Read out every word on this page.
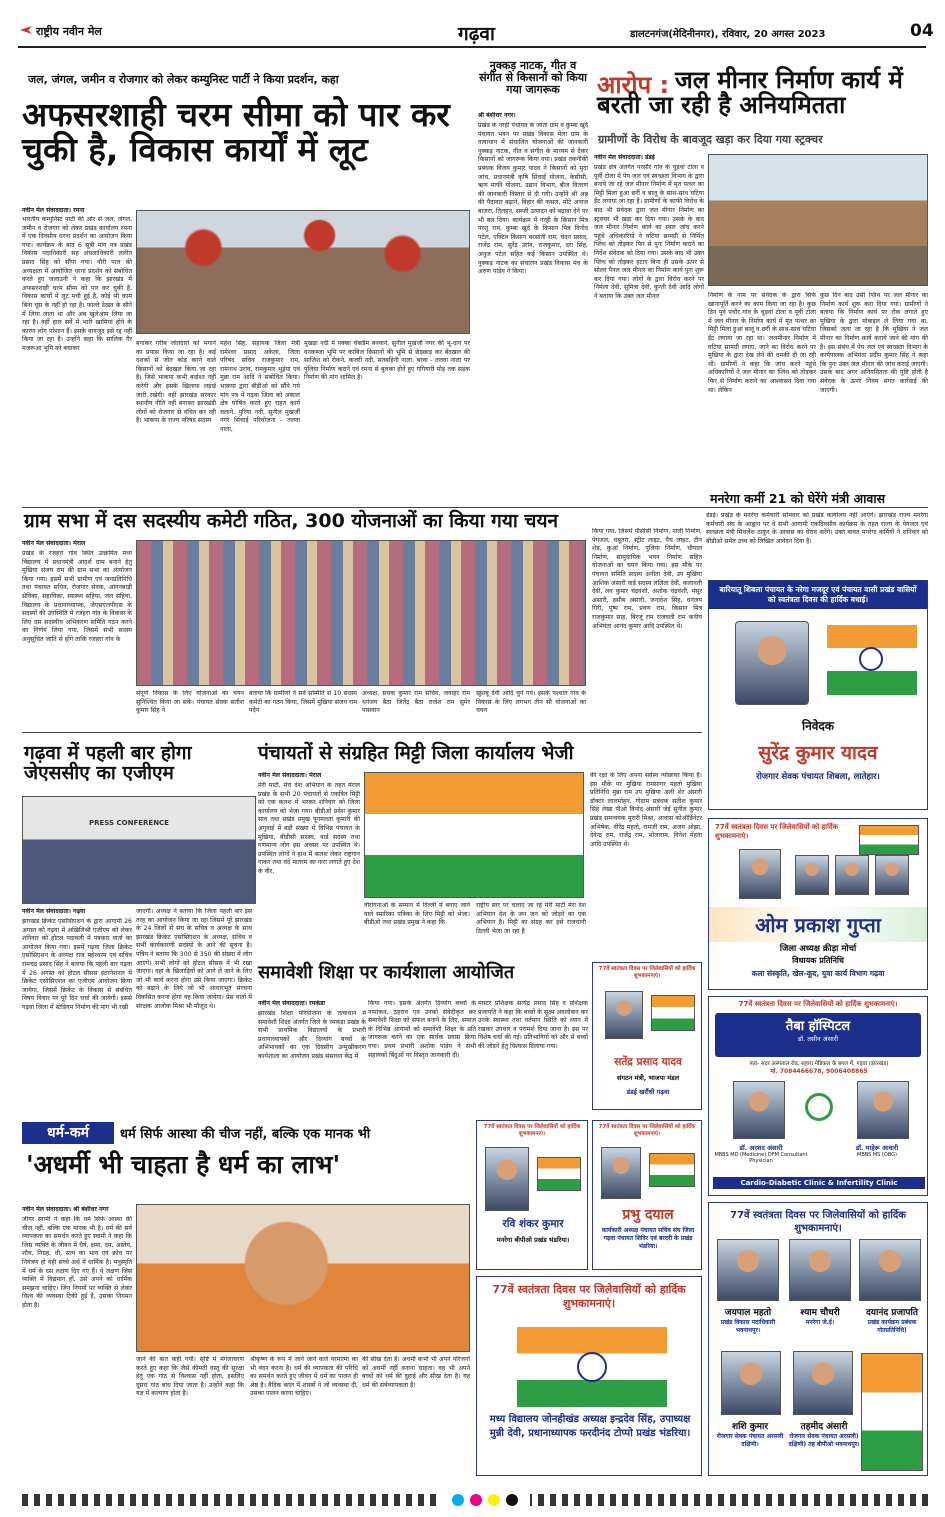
राष्ट्रीय नवीन मेल	गढ़वा	डालटनगंज(मेदिनीनगर), रविवार, 20 अगस्त 2023	04
जल, जंगल, जमीन व रोजगार को लेकर कम्युनिस्ट पार्टी ने किया प्रदर्शन, कहा
अफसरशाही चरम सीमा को पार कर चुकी है, विकास कार्यों में लूट
नवीन मेल संवाददाता। रमना
भारतीय कम्युनिस्ट पार्टी की ओर से जल, जंगल, जमीन व रोजगार को लेकर प्रखंड कार्यालय रमना में एक दिवसीय धरना प्रदर्शन का आयोजन किया गया। कार्यक्रम के बाद 6 सूत्री मांग पत्र प्रखंड विकास पदाधिकारी सह अंचलाधिकारी ललीत प्रसाद सिंह को सौंपा गया। नौरी पाल की अध्यक्षता में आयोजित धरना प्रदर्शन को संबोधित करते हुए जलाउनी ने कहा कि झारखंड में अफसरशाही चरम सीमा को पार कर चुकी है, विकास कार्यों में लूट मची हुई है, कोई भी काम बिना घूस के नहीं हो रहा है। फाल्ते देखत के सीने में लिया जाता था और अब खुलेआम लिया जा रहा है। वहीं हाल सर्वे में भारी खामियां होने के कारण लोग परेशान हैं। इसके बावजूद इसे रद्द नहीं किया जा रहा है। उन्होंने कहा कि सालिक गैर मजरूआ भूमि को बचाकर
बनाकर गरीब जोतदारों को भगाने का प्रयास किया जा रहा है। कई दशकों से जोत कोड़ करने वाले किसानों को बेदखल किया जा रहा है। जिसे भाकपा कभी बर्दाश्त नहीं करेगी और इसके खिलाफ लड़ाई जारी रखेगी। वहीं झारखंड सरकार स्थानीय नीति नहीं बनाकर झारखंडी लोगों को रोजगार से वंचित कर रही है। भाकपा के राज्य परिषद सदस्य
महेश सिंह, सहायक जिला मंत्री रामेश्वर प्रसाद अकेला, जिला परिषद सचिव राजकुमार राम, रामनाथ उरांव, रामकुमार भुइंयां एवं मुन्ना राम आदि ने संबोधित किया। भाकपा द्वारा बीडीओ को सौंपे गये मांग पत्र में गढ़वा जिला को अकाल क्षेत्र घोषित करते हुए राहत कार्य चलाने, पुरिया नदी, सुनील मुखर्जी नगर सिंचाई परियोजना - तलवा नाला,
मुखड़ा नदी में पक्का चेकडैम बनवाने, सुनील मुखर्जी नगर की भू-दान पर वनकब्जा भूमि पर काबिज किसानों की भूमि से छेड़छाड़ कर बेदखल की साजिश को रोकने, कजरी नदी, सतबहिनी नाला, बरवा - तलवा नाला पर पुलिया निर्माण कराने एवं रमना से बुलका होते हुए गगियारी मोड़ तक सड़क निर्माण की मांग शामिल है।
नुक्कड़ नाटक, गीत व संगीत से किसानों को किया गया जागरूक
श्री बंशीधर नगर।
प्रखंड के नरही पंचायत के जाता ग्राम व कुम्बा खुर्द पंचायत भवन पर प्रखंड विकास मेला ग्राम के तत्वाधान में संचालित योजनाओं की जानकारी नुक्कड़ नाटक, गीत व संगीत के माध्यम से देकर किसानों को जागरूक किया गया। प्रखंड तकनीकी प्रबंधक विजय कुमार यादव ने किसानों को मृदा जांच, प्रधानमंत्री कृषि सिंचाई योजना, केसीसी, ऋण माफी योजना, उद्यान विभाग, बीज वितरण की जानकारी विस्तार से दी गयी। उन्होंने श्री अन्न की पैदावार बढ़ाने, बिहार की फसल, मोटे अनाज बाजरा, तिलहन, सब्जी उत्पादन को बढ़ावा देने पर भी बल दिया। कार्यक्रम में नरही के किसान मित्र परशु राम, कुम्बा खुर्द के किसान मित्र विनोद पटेल, एक्टिव किसान बरसाती राम, चंदन प्रसाद, राजेंद्र राम, सुरेंद्र उरांव, राजकुमार, दरा सिंह, अनुज पटेल सहित कई किसान उपस्थित थे। नुक्कड़ नाटक का संचालन प्रखंड विकास मंच के अरुण पांडेय ने किया।
आरोप : जल मीनार निर्माण कार्य में बरती जा रही है अनियमितता
ग्रामीणों के विरोध के बावजूद खड़ा कर दिया गया स्ट्रक्चर
नवीन मेल संवाददाता। डंडई
प्रखंड क्षेत्र अंतर्गत परसौर गांव के चुड़वां टोला व पूर्वी टोला में पेय जल एवं स्वच्छता विभाग के द्वारा बनाये जा रहे जल मीनार निर्माण में मृत पत्थर का मिट्टी मिला हुआ छर्री व बालू के साथ-साथ घटिया ईंट लगाया जा रहा है। ग्रामीणों के काफी विरोध के बाद भी संवेदक द्वारा जल मीनार निर्माण का स्ट्रक्चर भी खड़ा कर दिया गया। उसके के बाद जल मीनार निर्माण कार्य का स्थल जांच करने पहुंचे अधिकारियों ने घटिया सामग्री से निर्मित प्लिंथ को तोड़कर फिर से पुनः निर्माण कराने का निर्देश संवेदक को दिया गया। उसके बाद भी उक्त प्लिंथ को तोड़कर हटाए बिना ही उसके ऊपर से सोलर पैनल जल मीनार का निर्माण कार्य पुनः शुरू कर दिया गया। लोगों के द्वारा विरोध करने पर निर्मला देवी, सुमित्रा देवी, कुन्ती देवी आदि लोगों ने बताया कि उक्त जल मीनार	निर्माण के नाम पर संवेदक के द्वारा सिर्फ खानापूर्ति करने का काम किया जा रहा है। कुछ दिन पूर्व पचौर गांव के चुड़वां टोला व पूर्वी टोला में जल मीनार के निर्माण कार्य में मृत पत्थर का मिट्टी मिला हुआ बालू व छर्री के साथ-साथ घटिया ईंट लगाया जा रहा था। जलमीनार निर्माण में घटिया सामग्री लगाए, जाने का विरोध करने पर मुखिया के द्वारा देख लेने की धमकी दी जा रही थी। ग्रामीणों ने कहा कि जांच करने पहुंचे अधिकारियों ने जल मीनार का प्लिंथ को तोड़कर फिर से निर्माण कराने का आश्वासन दिया गया था। लेकिन
कुछ दिन बाद उसी प्लिंथ पर जल मीनार का निर्माण कार्य शुरू करा दिया गया। ग्रामीणों ने बताया कि निर्माण कार्य पर रोक लगाते हुए मुखिया के द्वारा मोबाइल ले लिया गया था, जिसको जला जा रहा है कि मुखिया ने जल मीनार का निर्माण कार्य कराये जाने की मांग की है। इस संबंध में पेय जल एवं स्वच्छता विभाग के कार्यपालक अभियंता प्रदीप कुमार सिंह ने कहा कि पुनः उक्त जल मीनार की जांच कराई जाएगी। उसके बाद अगर अनियमितता की पुष्टि होती है संवेदक के ऊपर नियम संगत कार्रवाई की जाएगी।
ग्राम सभा में दस सदस्यीय कमेटी गठित, 300 योजनाओं का किया गया चयन
नवीन मेल संवाददाता। मेराल
प्रखंड के रजहरा गांव स्थित उत्क्रमित मध्य विद्यालय में प्रधानमंत्री आदर्श ग्राम बनाने हेतु मुखिया संजय राम की ग्राम सभा का आयोजन किया गया। इसमें सभी ग्रामीण एवं जनप्रतिनिधि तथा पंचायत सचिव, रोजगार सेवक, आंगनबाड़ी सेविका, सहायिका, स्वास्थ्य सहिया, जल सहिया, विद्यालय के प्रधानाध्यापक, जेएसएलपीएस के सदस्यों की उपस्थिति में रजहरा गांव के विकास के लिए दस सदस्यीय अभिकरण समिति गठन करने का निर्णय लिया गया, जिसमें सभी सदस्य अनुसूचित जाति से होंगे ताकि रजहरा गांव के
संपूर्ण विकास के लिए योजनाओं का चयन सुनिश्चित किया जा सके। पंचायत सेवक सतीश कुमार सिंह ने
बताया कि ग्रामीणों ने सर्व सम्मिति से 10 सदस्य कमेटी का गठन किया, जिसमें मुखिया संजय राम पदेन
अध्यक्ष, सचक कुमार राम सचिव, जवाहर राम धनंजय बैठा जितेंद्र बैठा राजेश राम सुमेर पासवान
खुशबू देवी आदि चुने गये। इसके पश्चात गांव के विकास के लिए लगभग तीन सौ योजनाओं का चयन
किया गया, जिसमें पीसीसी निर्माण, नाली निर्माण, पेयजल, चबूतरा, स्ट्रीट लाइट, पैच लाइट, टीन शेड, कुआं निर्माण, पुलिया निर्माण, चौपाल निर्माण, सामुदायिक भवन निर्माण सहित योजनाओं का चयन किया गया। इस मौके पर पंचायत समिति सदस्य अनीता देवी, उप मुखिया आशिक अंसारी वार्ड सदस्य ललिता देवी, कलावती देवी, लव कुमार चंद्रवंशी, अशोक चंद्रवंशी, मंसूर अंसारी, हसीब अंसारी, जनादेश सिंह, धनंजय गिरी, पुष्प राम, प्रवण राम, किसान मित्र राजकुमार साह, बिरजू राम राजवली राम कनीय अभियंता आनंद कुमार आदि उपस्थित थे।
मनरेगा कर्मी 21 को घेरेंगे मंत्री आवास
डंडई। प्रखंड के मनरेगा कर्मचारी सोमवार को प्रखंड कार्यालय नहीं आएंगे। झारखंड राज्य मनरेगा कर्मचारी संघ के आह्वान पर वे सभी आगामी एकदिवसीय कार्यक्रम के तहत राज्य के पेयजल एवं स्वच्छता मंत्री मिथलेश ठाकुर के आवास का घेराव करेंगे। उक्त बावत मनरेगा कर्मियों ने शनिवार को बीडीओ समेत उच्च को लिखित आवेदन दिया है।
बारियातू शिबला पंचायत के नरेगा मजदूर एवं पंचायत वासी प्रखंड वासियों को स्वतंत्रता दिवस की हार्दिक बधाई।
निवेदक
सुरेंद्र कुमार यादव
रोजगार सेवक पंचायत शिबला, लातेहार।
गढ़वा में पहली बार होगा जेएससीए का एजीएम
PRESS CONFERENCE
नवीन मेल संवाददाता। गढ़वा
झारखंड क्रिकेट एसोसिएशन के द्वारा आगामी 26 अगस्त को गढ़वा में अखिलिश्री एजीएम को लेकर शनिवार को होटल पदावली में पत्रकार वार्ता का आयोजन किया गया। इसमें गढ़वा जिला क्रिकेट एसोसिएशन के अध्यक्ष राज महेश्वरम एवं सचिव रामचंद्र प्रसाद सिंह ने बताया कि पहली बार गढ़वा में 26 अगस्त को होटल सीसस इंटरनेशनल में क्रिकेट एसोसिएशन का एजीएम आयोजन किया जायेगा, जिसमें क्रिकेट के विकास से संबंधित विषय विचार पर पूरे दिन चर्चा की जायेगी। इससे गढ़वा जिला में स्टेडियम निर्माण की मांग भी रखी
जाएगी। अध्यक्ष ने बताया कि जिला पहली बार इस तरह का आयोजन किया जा रहा जिसमें पूरे झारखंड के 24 जिलों से संघ के सचिव व अध्यक्ष के साथ झारखंड क्रिकेट एसोसिएशन के अध्यक्ष, सचिव व सभी कार्यकारणी सदस्यों के आने की सूचना है। पत्रिय ने बताया कि 300 से 350 की संख्या में लोग आएंगे। सभी लोगों को होटल सीसस में भी रखा जाएगा। वहां के खिलाड़ियों को आगे ले जाने के लिए जो भी कार्य करना होगा उसे किया जाएगा। क्रिकेट को बढ़ाने के लिये जो भी आधारभूत संरचना विकसित करना होगा वह किया जायेगा। प्रेस वार्ता में संरक्षक आलोक मिश्रा भी मौजूद थे।
पंचायतों से संग्रहित मिट्टी जिला कार्यालय भेजी
नवीन मेल संवाददाता। मेराल
मेरी माटी, मेरा देश अभियान के तहत मेराल प्रखंड के सभी 20 पंचायतों से एकत्रित मिट्टी को एक कलश में भरकर शनिवार को जिला कार्यालय को भेजा गया। बीडीओ प्रवेश कुमार साव तथा प्रखंड प्रमुख पूनमलता कुमारी की अगुवाई में बड़ी संख्या में विभिन्न पंचायत के मुखिया, बीडीसी सदस्य, वार्ड सदस्य तथा गणमान्य लोग इस अवसर पर उपस्थित थे। उपस्थित लोगों ने हाथ में कलश लेकर राष्ट्रगान गाकर तथा वंदे मातरम का नारा लगाते हुए देश के वीर,
वीरांगनाओं के सम्मान में दिल्ली में बनाए जाने वाले स्मारिका पत्रिका के लिए मिट्टी को भेजा। बीडीओ तथा प्रखंड प्रमुख ने कहा कि
राष्ट्रीय स्तर पर चलाए जा रहे मेरी माटी मेरा देश अभियान देश के जन जन को जोड़ने का एक अभियान है। मिट्टी का संग्रह कर इसे राजधानी दिल्ली भेजा जा रहा है
की रक्षा के लिए अपना सर्वस्व न्योछावर किया है। इस मौके पर मुखिया रामसागर महतो मुखिया प्रतिनिधि मुन्ना राम उप मुखिया अली शेर अंसारी डॉक्टर लालमोहन, गोदाम प्रबंधक सतीश कुमार सिंह लेखा पीओ विनोद अंसारी जेई सुनील कुमार प्रखंड समन्वयक मुरारी मिश्रा, आवास कोऑर्डिनेटर अभिषेक, वीरेंद्र महतो, रामजी राम, अजय ओझा, देवेन्द्र राम, राजेंद्र राम, भोलाराम, विनेश मेहता आदि उपस्थित थे।
77वें स्वतंत्रता दिवस पर जिलेवासियों को हार्दिक शुभकामनाएं।
ओम प्रकाश गुप्ता
जिला अध्यक्ष क्रीड़ा मोर्चा
विधायक प्रतिनिधि
कला संस्कृति, खेल-कूद, युवा कार्य विभाग गढ़वा
समावेशी शिक्षा पर कार्यशाला आयोजित
नवीन मेल संवाददाता। रमकंडा
झारखंड शिक्षा परियोजना के तत्वाधान में समावेशी शिक्षा अंतर्गत जिले के रमकंडा प्रखंड के सभी प्राथमिक विद्यालयों के प्रभारी प्रधानाध्यापकों और दिव्यांग बच्चों के अभिभावकों का एक दिवसीय उन्मुखीकरण कार्यशाला का आयोजन प्रखंड संसाधन केंद्र में
किया गया। इसके अंतर्गत दिव्यांग बच्चों के नामांकन, ठहराव एवं उनको संवेदीकृत कर समावेशी शिक्षा को सफल बनाने के लिए, समाज के विभिन्न आयामों को समावेशी शिक्षा के प्रति जागरूक करने का एक सार्थक प्रयास किया गया। प्रथम प्रभारी अशोक पांडेय ने सभी सहायकों बिंदुओं पर विस्तृत जानकारी दी।
मास्टर प्रशिक्षक सत्येंद्र प्रसाद सिंह व प्रशिक्षक प्रजापति ने कहा कि बच्चों के सूक्ष्म अवलोकन कर उनके स्वास्थ्य तथा वर्तमान स्थिति को ध्यान में रखकर उपचार व परामर्श दिया जाना है। इस पर विशेष चर्चा की गई। प्रतिभागियों को और से बच्चों की जोड़ने हेतु विश्वास दिलाया गया।
77वें स्वतंत्रता दिवस पर जिलेवासियों को हार्दिक शुभकामनाएं।
सतेंद्र प्रसाद यादव
संगठन मंत्री, भाजपा मंडल
डंडई खरौंधी गढ़वा
77वें स्वतंत्रता दिवस पर जिलेवासियों को हार्दिक शुभकामनाएं।
तैबा हॉस्पिटल
डॉ. तसीन अंसारी
पता- सदर अस्पताल रोड, सहारा मेडिकल के बगल में, गढ़वा (झारखंड)
मो. 7084466678, 9006408865
डॉ. अरशद अंसारी
MBBS MD (Medicine) DFM Consultant Physician
डॉ. माहेरू आवारी
MBBS MS (OBG)
Cardio-Diabetic Clinic & Infertility Clinic
धर्म-कर्म	धर्म सिर्फ आस्था की चीज नहीं, बल्कि एक मानक भी
'अधर्मी भी चाहता है धर्म का लाभ'
नवीन मेल संवाददाता। श्री बंशीधर नगर
जीयर स्वामी ने कहा कि धर्म सिर्फ आस्था की चीज नहीं, बल्कि एक मानक भी है। धर्म की सर्व व्यापकता का समर्थन करते हुए स्वामी ने कहा कि जिस व्यक्ति के जीवन में धैर्य, क्षमा, दम, अस्तेय, शौच, निग्रह, धी, सत्य का भाव एवं क्रोध पर नियंत्रण हो वही सच्चे अर्थ में धार्मिक है। मनुस्मृति में धर्म के दस लक्षण दिए गए हैं। ये लक्षण जिस व्यक्ति में विद्यमान हों, उसे अपने को धार्मिक समझना चाहिए। जिन नियमों पर व्यक्ति से लेकर विश्व की व्यवस्था टिकी हुई है, उसका नियमन होता है।
जाने की बात कही गयी। सृष्टि में मंगलाचरण करते हुए कहा कि जैसे कीमती वस्तु की सुरक्षा हेतु एक गांठ से विश्वास नहीं होता, इसलिए दूसरा गांठ बांध दिया जाता है। उन्होंने कहा कि यज्ञ में कल्याण होता है।
श्रीकृष्ण के रूप में जाने जाने वाले परमात्मा का भी वंदन करना है। धर्म की व्यापकता की परिधि का समर्थन करते हुए जीवन में धर्म का पालन ही श्रेष्ठ है। वैदिक काल में शास्त्रों ने जो व्यवस्था दी, उसका पालन करना चाहिए।
की सीख देता है। अधर्मी कभी भी अपने परिजनों को अधर्मी नहीं बनाना चाहता। वह भी अपने बच्चों को धर्म की दुहाई और सीख देता है। यह धर्म की सर्वव्यापकता है।
77वें स्वतंत्रता दिवस पर जिलेवासियों को हार्दिक शुभकामनाएं।
रवि शंकर कुमार
मनरेगा बीपीओ प्रखंड भंडरिया।
77वें स्वतंत्रता दिवस पर जिलेवासियों को हार्दिक शुभकामनाएं।
प्रभु दयाल
कार्यकारी अध्यक्ष पंचायत सचिव संघ जिला गढ़वा पंचायत शिविर एवं बरदरी के प्रखंड भंडरिया।
77वें स्वतंत्रता दिवस पर जिलेवासियों को हार्दिक शुभकामनाएं।
मध्य विद्यालय जोनहीखंड अध्यक्ष इन्द्रदेव सिंह, उपाध्यक्ष मुन्नी देवी, प्रधानाध्यापक फरदीनंद टोप्पो प्रखंड भंडरिया।
77वें स्वतंत्रता दिवस पर जिलेवासियों को हार्दिक शुभकामनाएं।
जयपाल महतो
प्रखंड विकास पदाधिकारी भवनाथपुर।
श्याम चौधरी
मनरेगा जे.ई।
दयानंद प्रजापति
प्रखंड कार्यक्रम प्रबंधक गोतप्रतिनिधि)
शशि कुमार
रोजगार सेवक पंचायत अरसली दक्षिणी।
तहमीद अंसारी
रोजगार सेवक पंचायत अरसली) दक्षिणी) तह बीपीओ भवनाथपुर।
